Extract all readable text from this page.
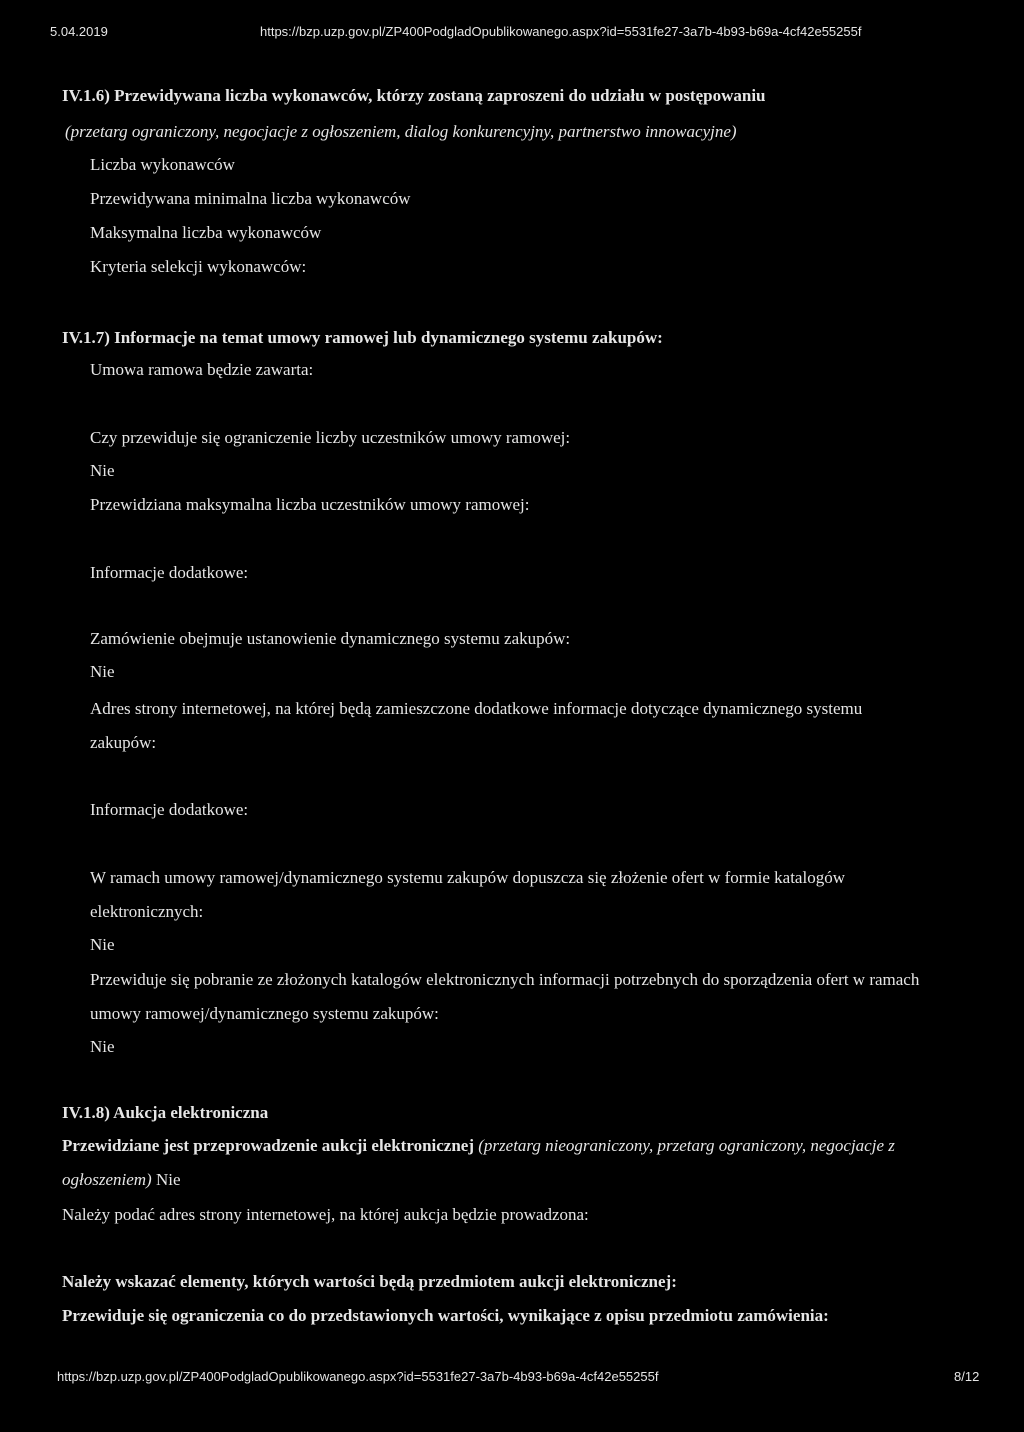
5.04.2019	https://bzp.uzp.gov.pl/ZP400PodgladOpublikowanego.aspx?id=5531fe27-3a7b-4b93-b69a-4cf42e55255f
IV.1.6) Przewidywana liczba wykonawców, którzy zostaną zaproszeni do udziału w postępowaniu
(przetarg ograniczony, negocjacje z ogłoszeniem, dialog konkurencyjny, partnerstwo innowacyjne)
Liczba wykonawców
Przewidywana minimalna liczba wykonawców
Maksymalna liczba wykonawców
Kryteria selekcji wykonawców:
IV.1.7) Informacje na temat umowy ramowej lub dynamicznego systemu zakupów:
Umowa ramowa będzie zawarta:
Czy przewiduje się ograniczenie liczby uczestników umowy ramowej:
Nie
Przewidziana maksymalna liczba uczestników umowy ramowej:
Informacje dodatkowe:
Zamówienie obejmuje ustanowienie dynamicznego systemu zakupów:
Nie
Adres strony internetowej, na której będą zamieszczone dodatkowe informacje dotyczące dynamicznego systemu
zakupów:
Informacje dodatkowe:
W ramach umowy ramowej/dynamicznego systemu zakupów dopuszcza się złożenie ofert w formie katalogów
elektronicznych:
Nie
Przewiduje się pobranie ze złożonych katalogów elektronicznych informacji potrzebnych do sporządzenia ofert w ramach
umowy ramowej/dynamicznego systemu zakupów:
Nie
IV.1.8) Aukcja elektroniczna
Przewidziane jest przeprowadzenie aukcji elektronicznej (przetarg nieograniczony, przetarg ograniczony, negocjacje z
ogłoszeniem) Nie
Należy podać adres strony internetowej, na której aukcja będzie prowadzona:
Należy wskazać elementy, których wartości będą przedmiotem aukcji elektronicznej:
Przewiduje się ograniczenia co do przedstawionych wartości, wynikające z opisu przedmiotu zamówienia:
https://bzp.uzp.gov.pl/ZP400PodgladOpublikowanego.aspx?id=5531fe27-3a7b-4b93-b69a-4cf42e55255f	8/12
